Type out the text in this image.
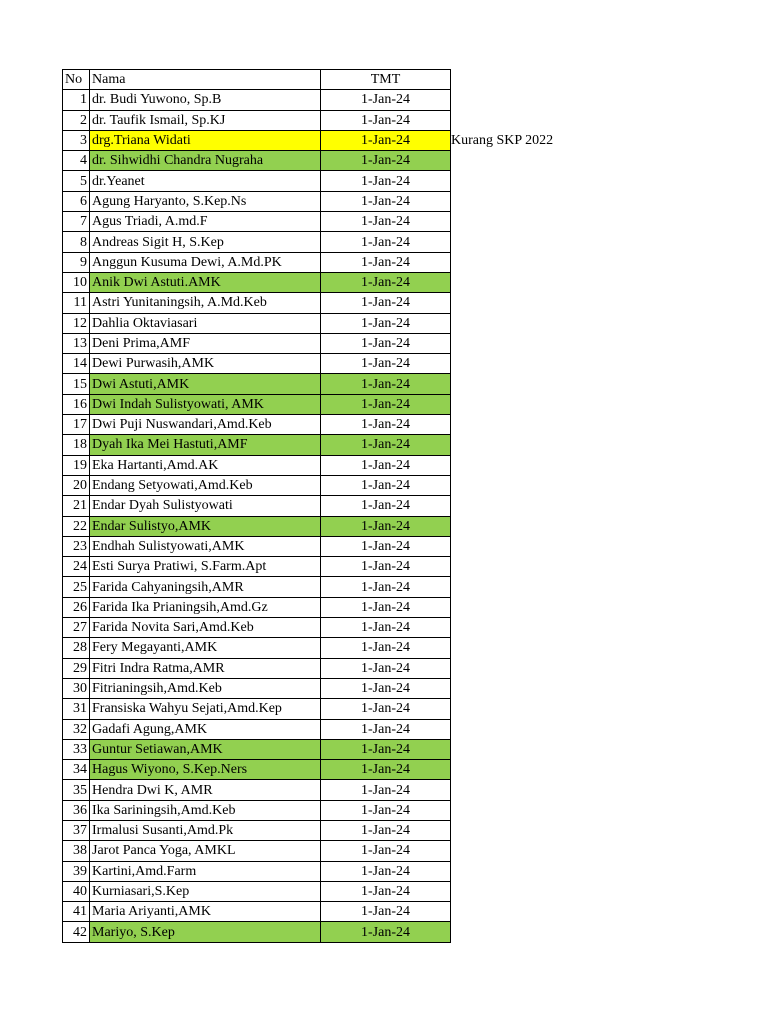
No	Nama	TMT
1	dr. Budi Yuwono, Sp.B	1-Jan-24
2	dr. Taufik Ismail, Sp.KJ	1-Jan-24
3	drg.Triana Widati	1-Jan-24
4	dr. Sihwidhi Chandra Nugraha	1-Jan-24
5	dr.Yeanet	1-Jan-24
6	Agung Haryanto, S.Kep.Ns	1-Jan-24
7	Agus Triadi, A.md.F	1-Jan-24
8	Andreas Sigit H, S.Kep	1-Jan-24
9	Anggun Kusuma Dewi, A.Md.PK	1-Jan-24
10	Anik Dwi Astuti.AMK	1-Jan-24
11	Astri Yunitaningsih, A.Md.Keb	1-Jan-24
12	Dahlia Oktaviasari	1-Jan-24
13	Deni Prima,AMF	1-Jan-24
14	Dewi Purwasih,AMK	1-Jan-24
15	Dwi Astuti,AMK	1-Jan-24
16	Dwi Indah Sulistyowati, AMK	1-Jan-24
17	Dwi Puji Nuswandari,Amd.Keb	1-Jan-24
18	Dyah Ika Mei Hastuti,AMF	1-Jan-24
19	Eka Hartanti,Amd.AK	1-Jan-24
20	Endang Setyowati,Amd.Keb	1-Jan-24
21	Endar Dyah Sulistyowati	1-Jan-24
22	Endar Sulistyo,AMK	1-Jan-24
23	Endhah Sulistyowati,AMK	1-Jan-24
24	Esti Surya Pratiwi, S.Farm.Apt	1-Jan-24
25	Farida Cahyaningsih,AMR	1-Jan-24
26	Farida Ika Prianingsih,Amd.Gz	1-Jan-24
27	Farida Novita Sari,Amd.Keb	1-Jan-24
28	Fery Megayanti,AMK	1-Jan-24
29	Fitri Indra Ratma,AMR	1-Jan-24
30	Fitrianingsih,Amd.Keb	1-Jan-24
31	Fransiska Wahyu Sejati,Amd.Kep	1-Jan-24
32	Gadafi Agung,AMK	1-Jan-24
33	Guntur Setiawan,AMK	1-Jan-24
34	Hagus Wiyono, S.Kep.Ners	1-Jan-24
35	Hendra Dwi K, AMR	1-Jan-24
36	Ika Sariningsih,Amd.Keb	1-Jan-24
37	Irmalusi Susanti,Amd.Pk	1-Jan-24
38	Jarot Panca Yoga, AMKL	1-Jan-24
39	Kartini,Amd.Farm	1-Jan-24
40	Kurniasari,S.Kep	1-Jan-24
41	Maria Ariyanti,AMK	1-Jan-24
42	Mariyo, S.Kep	1-Jan-24
Kurang SKP 2022
